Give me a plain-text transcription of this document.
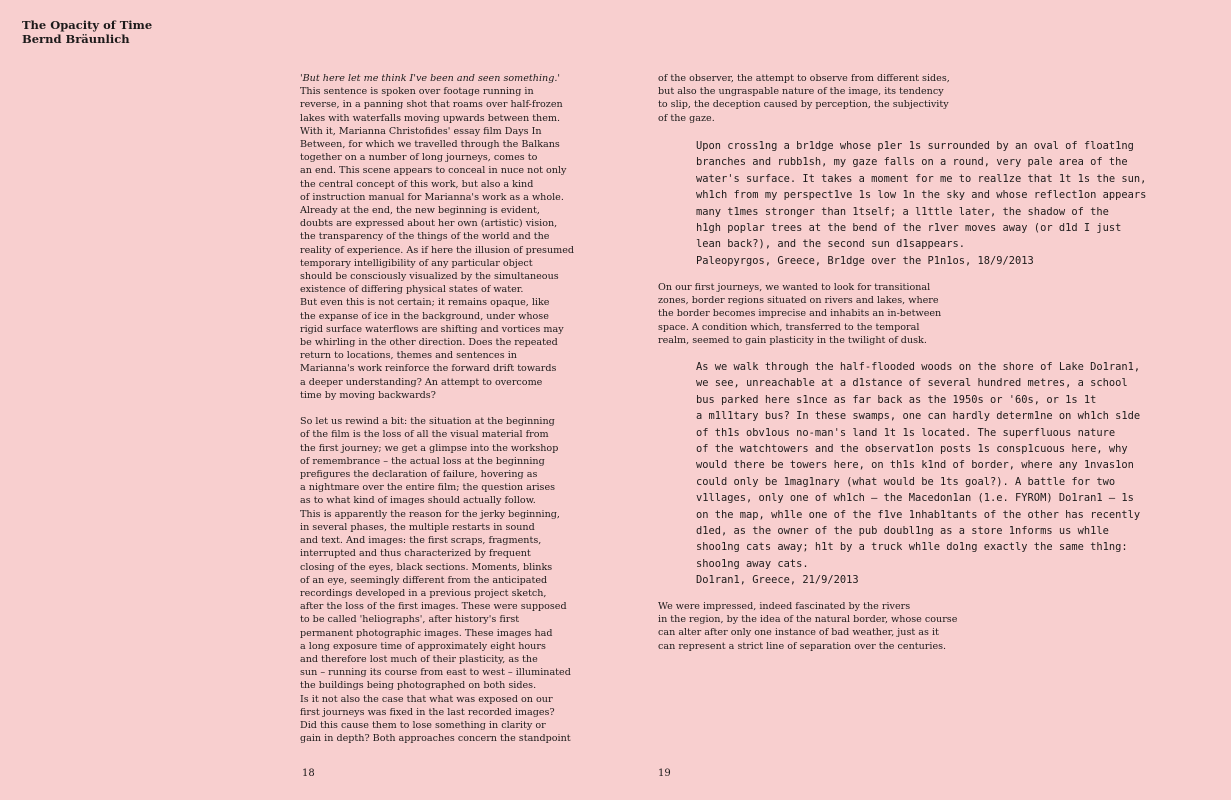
The Opacity of Time
Bernd Bräunlich
'But here let me think I've been and seen something.'
This sentence is spoken over footage running in
reverse, in a panning shot that roams over half-frozen
lakes with waterfalls moving upwards between them.
With it, Marianna Christofides' essay film Days In
Between, for which we travelled through the Balkans
together on a number of long journeys, comes to
an end. This scene appears to conceal in nuce not only
the central concept of this work, but also a kind
of instruction manual for Marianna's work as a whole.
Already at the end, the new beginning is evident,
doubts are expressed about her own (artistic) vision,
the transparency of the things of the world and the
reality of experience. As if here the illusion of presumed
temporary intelligibility of any particular object
should be consciously visualized by the simultaneous
existence of differing physical states of water.
But even this is not certain; it remains opaque, like
the expanse of ice in the background, under whose
rigid surface waterflows are shifting and vortices may
be whirling in the other direction. Does the repeated
return to locations, themes and sentences in
Marianna's work reinforce the forward drift towards
a deeper understanding? An attempt to overcome
time by moving backwards?
So let us rewind a bit: the situation at the beginning
of the film is the loss of all the visual material from
the first journey; we get a glimpse into the workshop
of remembrance – the actual loss at the beginning
prefigures the declaration of failure, hovering as
a nightmare over the entire film; the question arises
as to what kind of images should actually follow.
This is apparently the reason for the jerky beginning,
in several phases, the multiple restarts in sound
and text. And images: the first scraps, fragments,
interrupted and thus characterized by frequent
closing of the eyes, black sections. Moments, blinks
of an eye, seemingly different from the anticipated
recordings developed in a previous project sketch,
after the loss of the first images. These were supposed
to be called 'heliographs', after history's first
permanent photographic images. These images had
a long exposure time of approximately eight hours
and therefore lost much of their plasticity, as the
sun – running its course from east to west – illuminated
the buildings being photographed on both sides.
Is it not also the case that what was exposed on our
first journeys was fixed in the last recorded images?
Did this cause them to lose something in clarity or
gain in depth? Both approaches concern the standpoint
of the observer, the attempt to observe from different sides,
but also the ungraspable nature of the image, its tendency
to slip, the deception caused by perception, the subjectivity
of the gaze.
Upon cross1ng a br1dge whose p1er 1s surrounded by an oval of float1ng
branches and rubb1sh, my gaze falls on a round, very pale area of the
water's surface. It takes a moment for me to real1ze that 1t 1s the sun,
wh1ch from my perspect1ve 1s low 1n the sky and whose reflect1on appears
many t1mes stronger than 1tself; a l1ttle later, the shadow of the
h1gh poplar trees at the bend of the r1ver moves away (or d1d I just
lean back?), and the second sun d1sappears.
Paleopyrgos, Greece, Br1dge over the P1n1os, 18/9/2013
On our first journeys, we wanted to look for transitional
zones, border regions situated on rivers and lakes, where
the border becomes imprecise and inhabits an in-between
space. A condition which, transferred to the temporal
realm, seemed to gain plasticity in the twilight of dusk.
As we walk through the half-flooded woods on the shore of Lake Do1ran1,
we see, unreachable at a d1stance of several hundred metres, a school
bus parked here s1nce as far back as the 1950s or '60s, or 1s 1t
a m1l1tary bus? In these swamps, one can hardly determ1ne on wh1ch s1de
of th1s obv1ous no-man's land 1t 1s located. The superfluous nature
of the watchtowers and the observat1on posts 1s consp1cuous here, why
would there be towers here, on th1s k1nd of border, where any 1nvas1on
could only be 1mag1nary (what would be 1ts goal?). A battle for two
v1llages, only one of wh1ch – the Macedon1an (1.e. FYROM) Do1ran1 – 1s
on the map, wh1le one of the f1ve 1nhab1tants of the other has recently
d1ed, as the owner of the pub doubl1ng as a store 1nforms us wh1le
shoo1ng cats away; h1t by a truck wh1le do1ng exactly the same th1ng:
shoo1ng away cats.
Do1ran1, Greece, 21/9/2013
We were impressed, indeed fascinated by the rivers
in the region, by the idea of the natural border, whose course
can alter after only one instance of bad weather, just as it
can represent a strict line of separation over the centuries.
18	19
